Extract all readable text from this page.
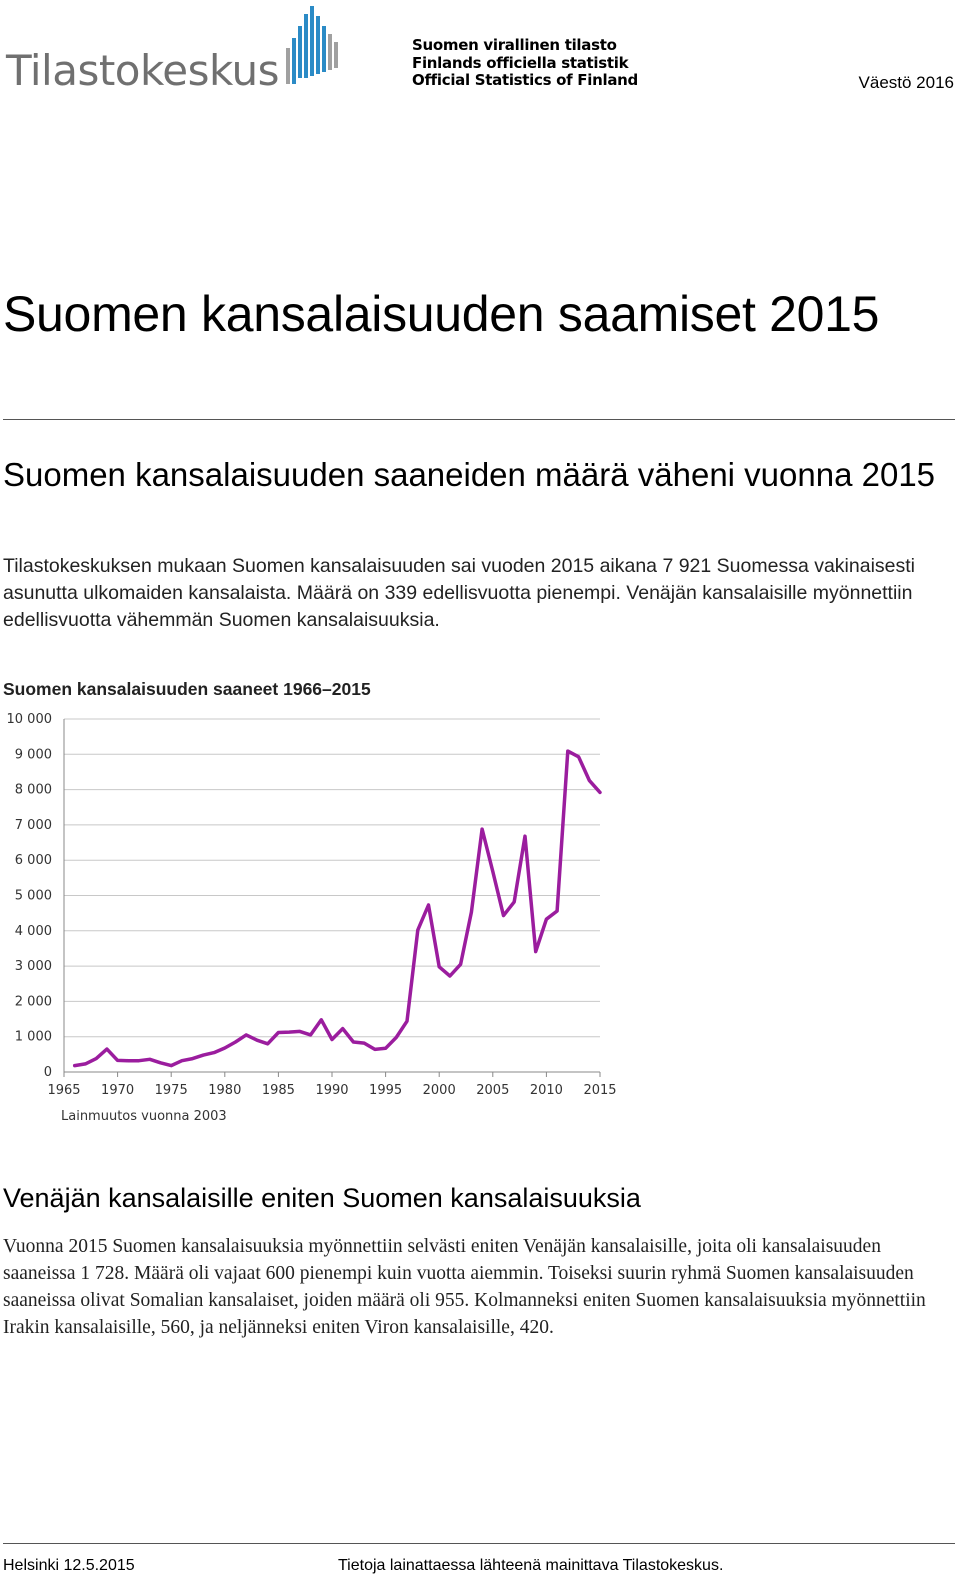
Tilastokeskus
Suomen virallinen tilasto
Finlands officiella statistik
Official Statistics of Finland	Väestö 2016
Suomen kansalaisuuden saamiset 2015
Suomen kansalaisuuden saaneiden määrä väheni vuonna 2015
Tilastokeskuksen mukaan Suomen kansalaisuuden sai vuoden 2015 aikana 7 921 Suomessa vakinaisesti asunutta ulkomaiden kansalaista. Määrä on 339 edellisvuotta pienempi. Venäjän kansalaisille myönnettiin edellisvuotta vähemmän Suomen kansalaisuuksia.
Suomen kansalaisuuden saaneet 1966–2015
0
1 000
2 000
3 000
4 000
5 000
6 000
7 000
8 000
9 000
10 000
1965 1970 1975 1980 1985 1990 1995 2000 2005 2010 2015
Lainmuutos vuonna 2003
Venäjän kansalaisille eniten Suomen kansalaisuuksia
Vuonna 2015 Suomen kansalaisuuksia myönnettiin selvästi eniten Venäjän kansalaisille, joita oli kansalaisuuden saaneissa 1 728. Määrä oli vajaat 600 pienempi kuin vuotta aiemmin. Toiseksi suurin ryhmä Suomen kansalaisuuden saaneissa olivat Somalian kansalaiset, joiden määrä oli 955. Kolmanneksi eniten Suomen kansalaisuuksia myönnettiin Irakin kansalaisille, 560, ja neljänneksi eniten Viron kansalaisille, 420.
Helsinki 12.5.2015	Tietoja lainattaessa lähteenä mainittava Tilastokeskus.
